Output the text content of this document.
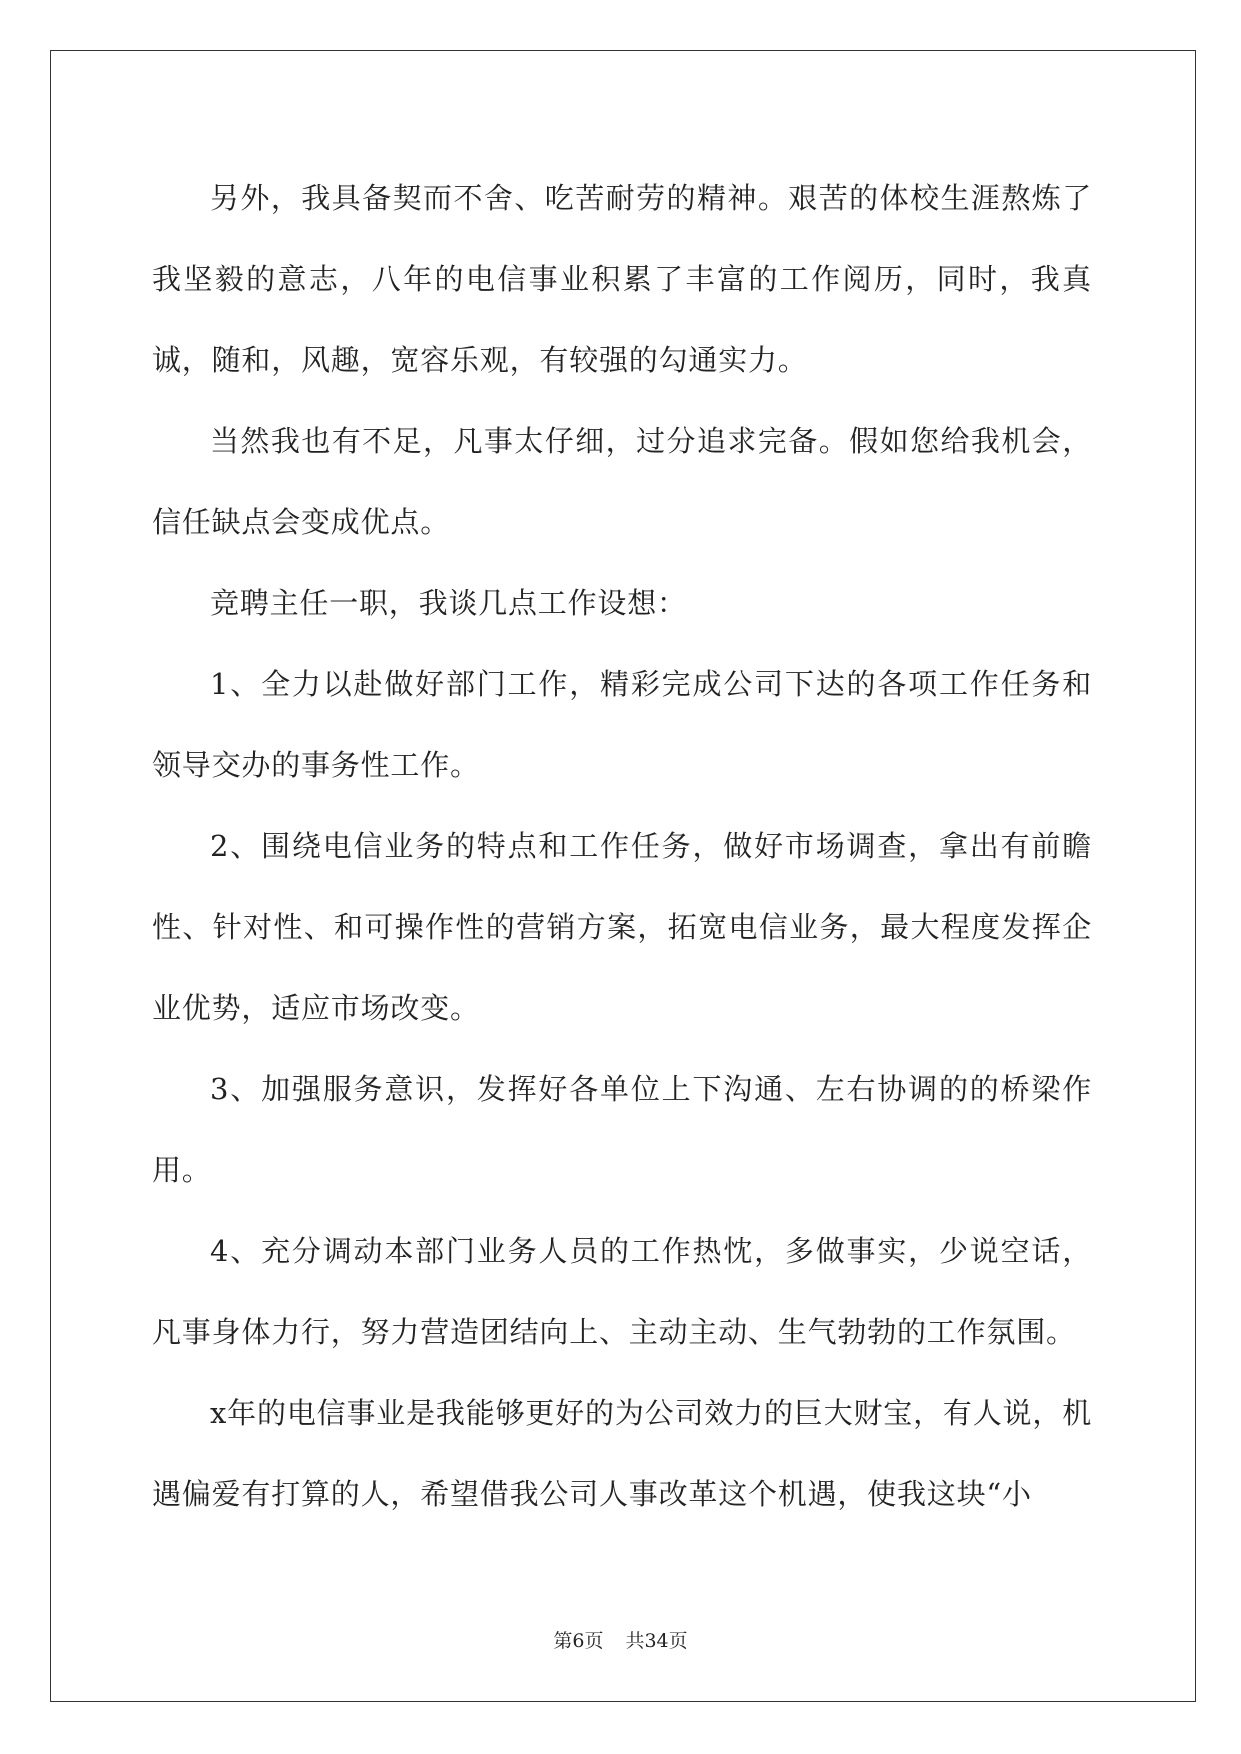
另外，我具备契而不舍、吃苦耐劳的精神。艰苦的体校生涯熬炼了我坚毅的意志，八年的电信事业积累了丰富的工作阅历，同时，我真诚，随和，风趣，宽容乐观，有较强的勾通实力。

当然我也有不足，凡事太仔细，过分追求完备。假如您给我机会，信任缺点会变成优点。

竞聘主任一职，我谈几点工作设想：

1、全力以赴做好部门工作，精彩完成公司下达的各项工作任务和领导交办的事务性工作。

2、围绕电信业务的特点和工作任务，做好市场调查，拿出有前瞻性、针对性、和可操作性的营销方案，拓宽电信业务，最大程度发挥企业优势，适应市场改变。

3、加强服务意识，发挥好各单位上下沟通、左右协调的的桥梁作用。

4、充分调动本部门业务人员的工作热忱，多做事实，少说空话，凡事身体力行，努力营造团结向上、主动主动、生气勃勃的工作氛围。

x年的电信事业是我能够更好的为公司效力的巨大财宝，有人说，机遇偏爱有打算的人，希望借我公司人事改革这个机遇，使我这块“小

第6页 共34页
